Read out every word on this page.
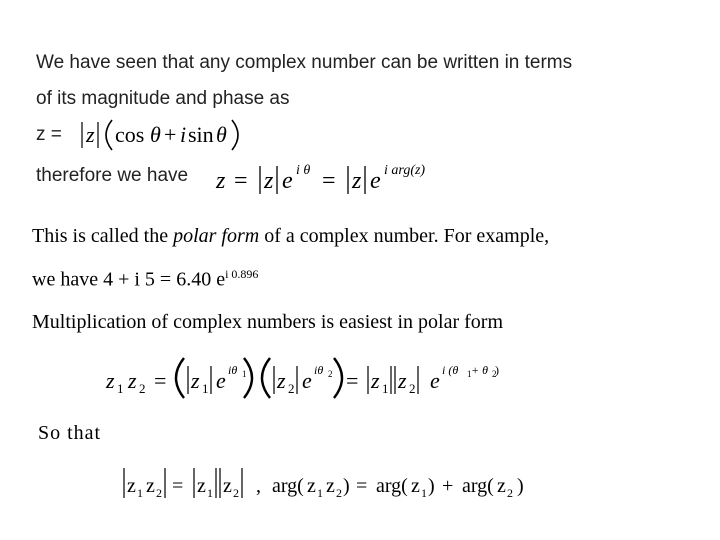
We have seen that any complex number can be written in terms
of its magnitude and phase as
z = z cos θ + i sin θ
therefore we have z = z e i θ = z e i arg(z)
This is called the polar form of a complex number. For example,
we have 4 + i 5 = 6.40 $e^{i 0.896}$
Multiplication of complex numbers is easiest in polar form
z 1 z 2 = z 1 e iθ 1 z 2 e iθ 2 = z 1 z 2 e i (θ 1 + θ 2
)
So that
z 1 z 2 = z 1 z 2 , arg( z 1 z 2 ) = arg( z 1 ) + arg( z 2 )
